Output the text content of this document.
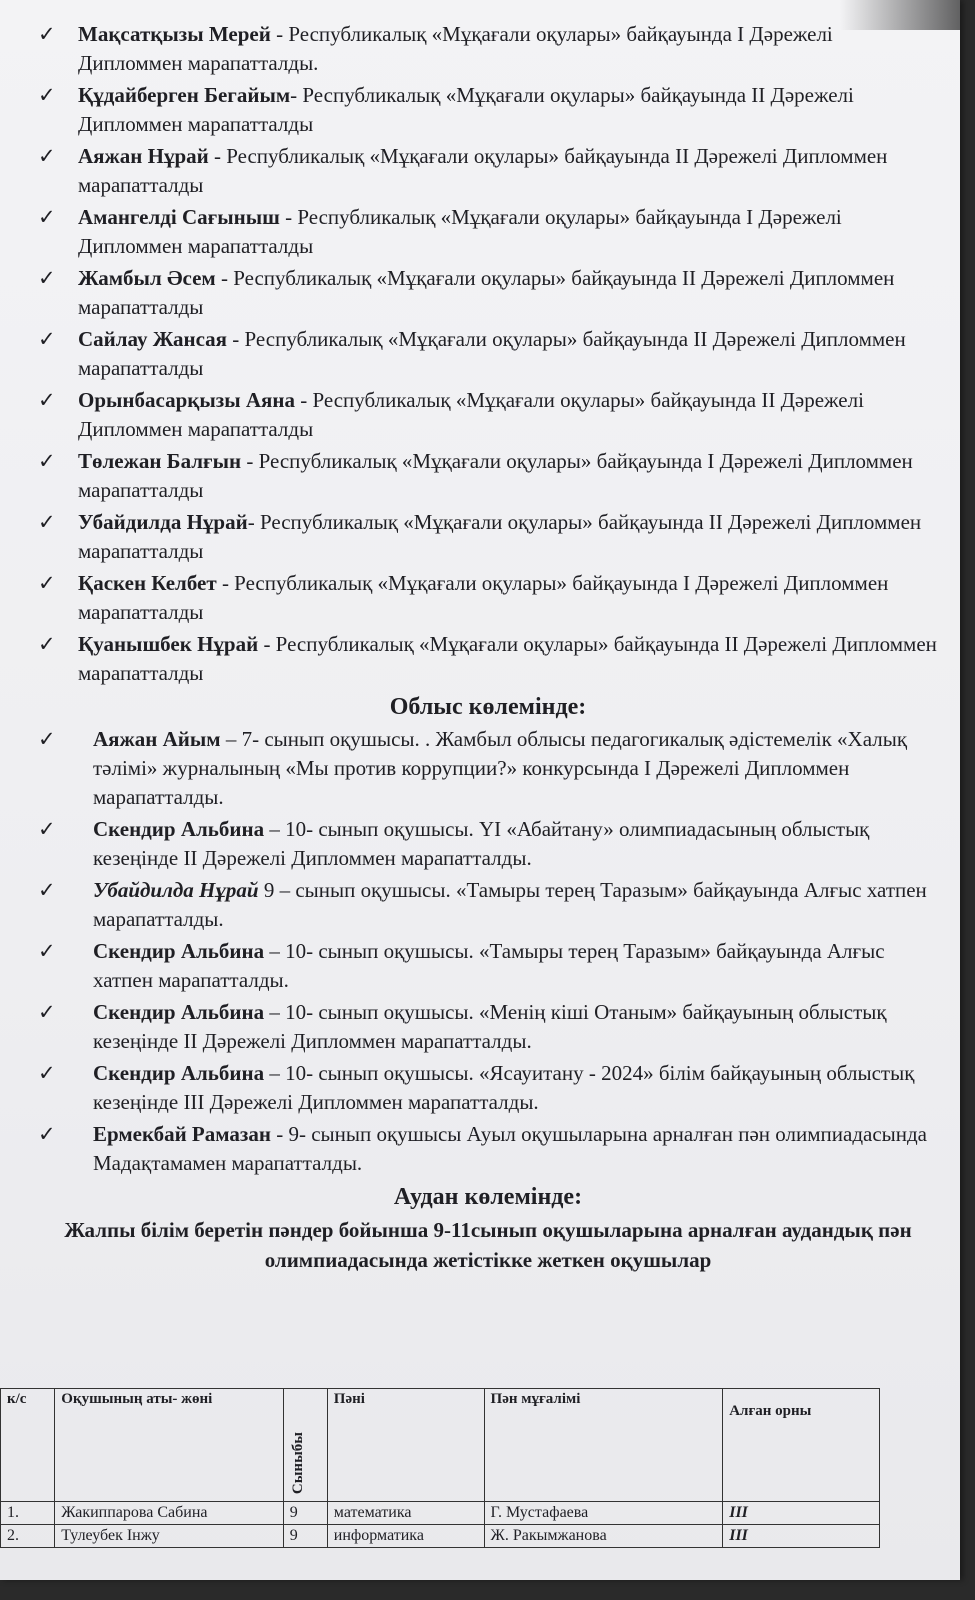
✓ Мақсатқызы Мерей - Республикалық «Мұқағали оқулары» байқауында І Дәрежелі Дипломмен марапатталды.
✓ Құдайберген Бегайым- Республикалық «Мұқағали оқулары» байқауында ІІ Дәрежелі Дипломмен марапатталды
✓ Аяжан Нұрай - Республикалық «Мұқағали оқулары» байқауында ІІ Дәрежелі Дипломмен марапатталды
✓ Амангелді Сағыныш - Республикалық «Мұқағали оқулары» байқауында І Дәрежелі Дипломмен марапатталды
✓ Жамбыл Әсем - Республикалық «Мұқағали оқулары» байқауында ІІ Дәрежелі Дипломмен марапатталды
✓ Сайлау Жансая - Республикалық «Мұқағали оқулары» байқауында ІІ Дәрежелі Дипломмен марапатталды
✓ Орынбасарқызы Аяна - Республикалық «Мұқағали оқулары» байқауында ІІ Дәрежелі Дипломмен марапатталды
✓ Төлежан Балғын - Республикалық «Мұқағали оқулары» байқауында І Дәрежелі Дипломмен марапатталды
✓ Убайдилда Нұрай- Республикалық «Мұқағали оқулары» байқауында ІІ Дәрежелі Дипломмен марапатталды
✓ Қаскен Келбет - Республикалық «Мұқағали оқулары» байқауында І Дәрежелі Дипломмен марапатталды
✓ Қуанышбек Нұрай - Республикалық «Мұқағали оқулары» байқауында ІІ Дәрежелі Дипломмен марапатталды
Облыс көлемінде:
✓ Аяжан Айым – 7- сынып оқушысы. . Жамбыл облысы педагогикалық әдістемелік «Халық тәлімі» журналының «Мы против коррупции?» конкурсында І Дәрежелі Дипломмен марапатталды.
✓ Скендир Альбина – 10- сынып оқушысы. ҮІ «Абайтану» олимпиадасының облыстық кезеңінде ІІ Дәрежелі Дипломмен марапатталды.
✓ Убайдилда Нұрай 9 – сынып оқушысы. «Тамыры терең Таразым» байқауында Алғыс хатпен марапатталды.
✓ Скендир Альбина – 10- сынып оқушысы. «Тамыры терең Таразым» байқауында Алғыс хатпен марапатталды.
✓ Скендир Альбина – 10- сынып оқушысы. «Менің кіші Отаным» байқауының облыстық кезеңінде ІІ Дәрежелі Дипломмен марапатталды.
✓ Скендир Альбина – 10- сынып оқушысы. «Ясауитану - 2024» білім байқауының облыстық кезеңінде ІІІ Дәрежелі Дипломмен марапатталды.
✓ Ермекбай Рамазан - 9- сынып оқушысы Ауыл оқушыларына арналған пән олимпиадасында Мадақтамамен марапатталды.
Аудан көлемінде:
Жалпы білім беретін пәндер бойынша 9-11сынып оқушыларына арналған аудандық пән олимпиадасында жетістікке жеткен оқушылар
к/с	Оқушының аты- жөні	Сыныбы	Пәні	Пән мұғалімі	Алған орны
1.	Жакиппарова Сабина	9	математика	Г. Мустафаева	III
2.	Тулеубек Інжу	9	информатика	Ж. Ракымжанова	III
